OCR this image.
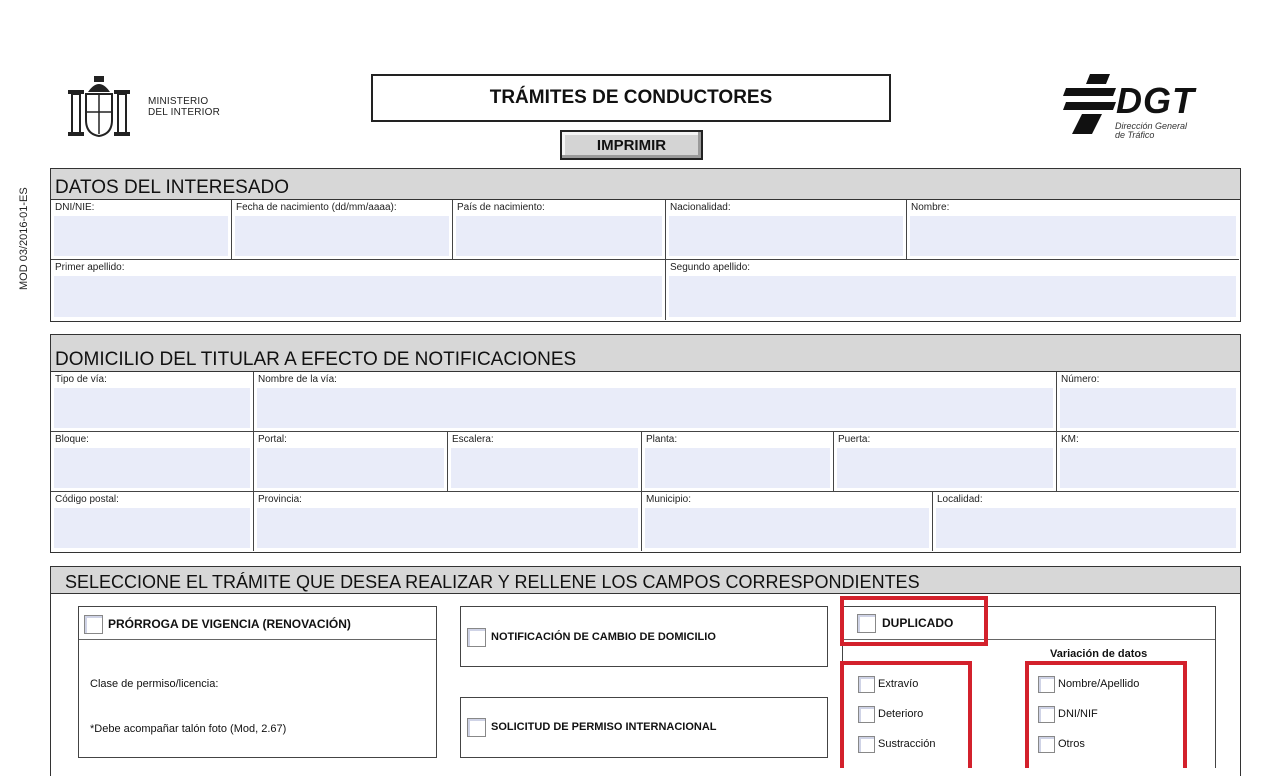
MOD 03/2016-01-ES
MINISTERIO
DEL INTERIOR
TRÁMITES DE CONDUCTORES
IMPRIMIR
DGT
Dirección General
de Tráfico
DATOS DEL INTERESADO
DNI/NIE:	Fecha de nacimiento (dd/mm/aaaa):	País de nacimiento:	Nacionalidad:	Nombre:
Primer apellido:	Segundo apellido:
DOMICILIO DEL TITULAR A EFECTO DE NOTIFICACIONES
Tipo de vía:	Nombre de la vía:	Número:
Bloque:	Portal:	Escalera:	Planta:	Puerta:	KM:
Código postal:	Provincia:	Municipio:	Localidad:
SELECCIONE EL TRÁMITE QUE DESEA REALIZAR Y RELLENE LOS CAMPOS CORRESPONDIENTES
PRÓRROGA DE VIGENCIA (RENOVACIÓN)
Clase de permiso/licencia:
*Debe acompañar talón foto (Mod, 2.67)
NOTIFICACIÓN DE CAMBIO DE DOMICILIO
SOLICITUD DE PERMISO INTERNACIONAL
DUPLICADO
Extravío
Deterioro
Sustracción
Variación de datos
Nombre/Apellido
DNI/NIF
Otros
